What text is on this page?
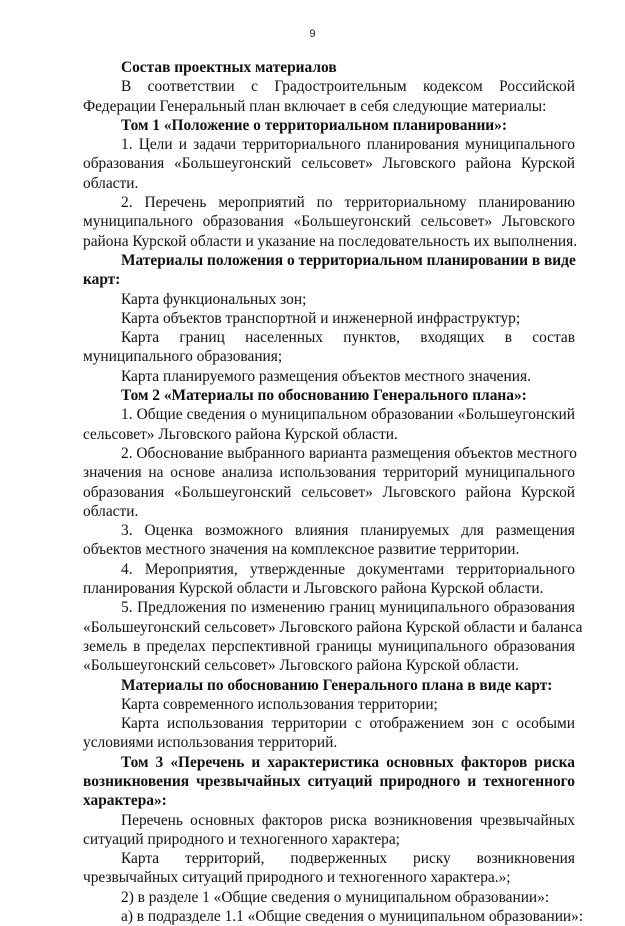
9
Состав проектных материалов
В соответствии с Градостроительным кодексом Российской
Федерации Генеральный план включает в себя следующие материалы:
Том 1 «Положение о территориальном планировании»:
1. Цели и задачи территориального планирования муниципального
образования «Большеугонский сельсовет» Льговского района Курской
области.
2. Перечень мероприятий по территориальному планированию
муниципального образования «Большеугонский сельсовет» Льговского
района Курской области и указание на последовательность их выполнения.
Материалы положения о территориальном планировании в виде
карт:
Карта функциональных зон;
Карта объектов транспортной и инженерной инфраструктур;
Карта границ населенных пунктов, входящих в состав
муниципального образования;
Карта планируемого размещения объектов местного значения.
Том 2 «Материалы по обоснованию Генерального плана»:
1. Общие сведения о муниципальном образовании «Большеугонский
сельсовет» Льговского района Курской области.
2. Обоснование выбранного варианта размещения объектов местного
значения на основе анализа использования территорий муниципального
образования «Большеугонский сельсовет» Льговского района Курской
области.
3. Оценка возможного влияния планируемых для размещения
объектов местного значения на комплексное развитие территории.
4. Мероприятия, утвержденные документами территориального
планирования Курской области и Льговского района Курской области.
5. Предложения по изменению границ муниципального образования
«Большеугонский сельсовет» Льговского района Курской области и баланса
земель в пределах перспективной границы муниципального образования
«Большеугонский сельсовет» Льговского района Курской области.
Материалы по обоснованию Генерального плана в виде карт:
Карта современного использования территории;
Карта использования территории с отображением зон с особыми
условиями использования территорий.
Том 3 «Перечень и характеристика основных факторов риска
возникновения чрезвычайных ситуаций природного и техногенного
характера»:
Перечень основных факторов риска возникновения чрезвычайных
ситуаций природного и техногенного характера;
Карта территорий, подверженных риску возникновения
чрезвычайных ситуаций природного и техногенного характера.»;
2) в разделе 1 «Общие сведения о муниципальном образовании»:
а) в подразделе 1.1 «Общие сведения о муниципальном образовании»:
